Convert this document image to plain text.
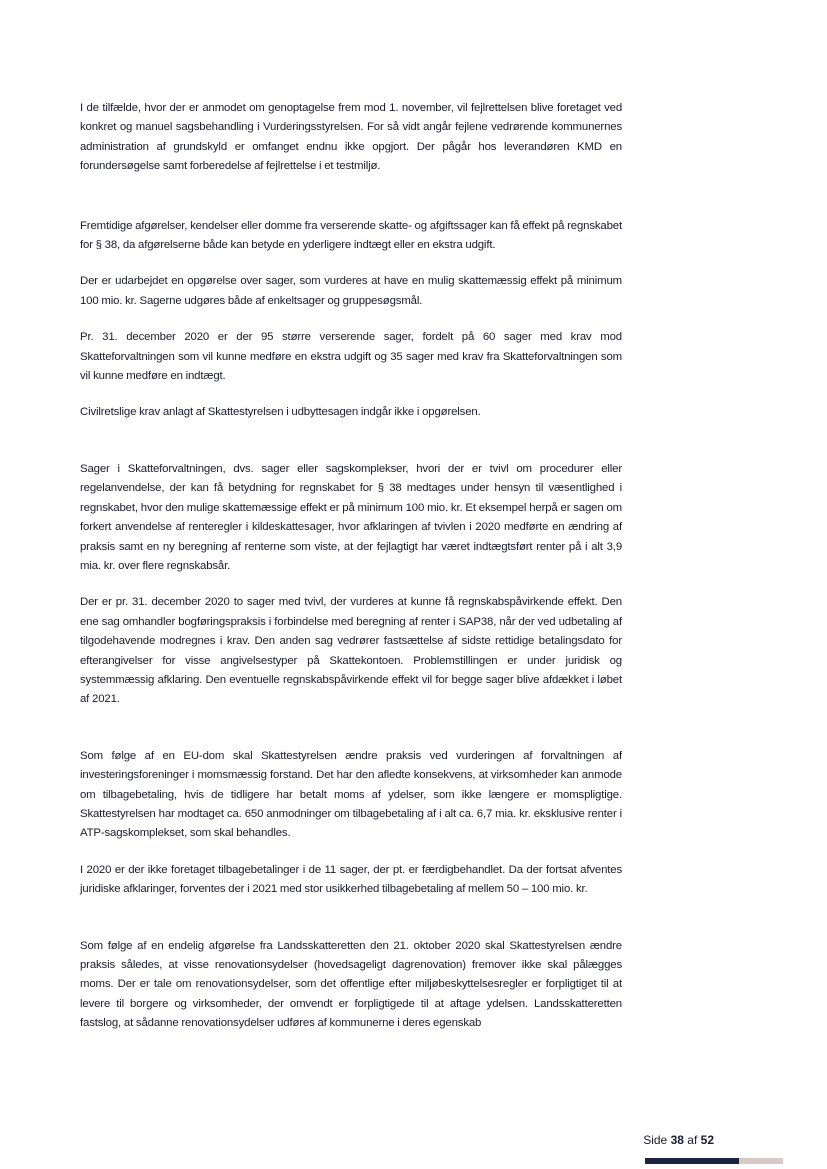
I de tilfælde, hvor der er anmodet om genoptagelse frem mod 1. november, vil fejlrettelsen blive foretaget ved konkret og manuel sagsbehandling i Vurderingsstyrelsen. For så vidt angår fejlene vedrørende kommunernes administration af grundskyld er omfanget endnu ikke opgjort. Der pågår hos leverandøren KMD en forundersøgelse samt forberedelse af fejlrettelse i et testmiljø.

Fremtidige afgørelser, kendelser eller domme fra verserende skatte- og afgiftssager kan få effekt på regnskabet for § 38, da afgørelserne både kan betyde en yderligere indtægt eller en ekstra udgift.

Der er udarbejdet en opgørelse over sager, som vurderes at have en mulig skattemæssig effekt på minimum 100 mio. kr. Sagerne udgøres både af enkeltsager og gruppesøgsmål.

Pr. 31. december 2020 er der 95 større verserende sager, fordelt på 60 sager med krav mod Skatteforvaltningen som vil kunne medføre en ekstra udgift og 35 sager med krav fra Skatteforvaltningen som vil kunne medføre en indtægt.

Civilretslige krav anlagt af Skattestyrelsen i udbyttesagen indgår ikke i opgørelsen.

Sager i Skatteforvaltningen, dvs. sager eller sagskomplekser, hvori der er tvivl om procedurer eller regelanvendelse, der kan få betydning for regnskabet for § 38 medtages under hensyn til væsentlighed i regnskabet, hvor den mulige skattemæssige effekt er på minimum 100 mio. kr. Et eksempel herpå er sagen om forkert anvendelse af renteregler i kildeskattesager, hvor afklaringen af tvivlen i 2020 medførte en ændring af praksis samt en ny beregning af renterne som viste, at der fejlagtigt har været indtægtsført renter på i alt 3,9 mia. kr. over flere regnskabsår.

Der er pr. 31. december 2020 to sager med tvivl, der vurderes at kunne få regnskabspåvirkende effekt. Den ene sag omhandler bogføringspraksis i forbindelse med beregning af renter i SAP38, når der ved udbetaling af tilgodehavende modregnes i krav. Den anden sag vedrører fastsættelse af sidste rettidige betalingsdato for efterangivelser for visse angivelsestyper på Skattekontoen. Problemstillingen er under juridisk og systemmæssig afklaring. Den eventuelle regnskabspåvirkende effekt vil for begge sager blive afdækket i løbet af 2021.

Som følge af en EU-dom skal Skattestyrelsen ændre praksis ved vurderingen af forvaltningen af investeringsforeninger i momsmæssig forstand. Det har den afledte konsekvens, at virksomheder kan anmode om tilbagebetaling, hvis de tidligere har betalt moms af ydelser, som ikke længere er momspligtige. Skattestyrelsen har modtaget ca. 650 anmodninger om tilbagebetaling af i alt ca. 6,7 mia. kr. eksklusive renter i ATP-sagskomplekset, som skal behandles.

I 2020 er der ikke foretaget tilbagebetalinger i de 11 sager, der pt. er færdigbehandlet. Da der fortsat afventes juridiske afklaringer, forventes der i 2021 med stor usikkerhed tilbagebetaling af mellem 50 – 100 mio. kr.

Som følge af en endelig afgørelse fra Landsskatteretten den 21. oktober 2020 skal Skattestyrelsen ændre praksis således, at visse renovationsydelser (hovedsageligt dagrenovation) fremover ikke skal pålægges moms. Der er tale om renovationsydelser, som det offentlige efter miljøbeskyttelsesregler er forpligtiget til at levere til borgere og virksomheder, der omvendt er forpligtigede til at aftage ydelsen. Landsskatteretten fastslog, at sådanne renovationsydelser udføres af kommunerne i deres egenskab

Side 38 af 52
